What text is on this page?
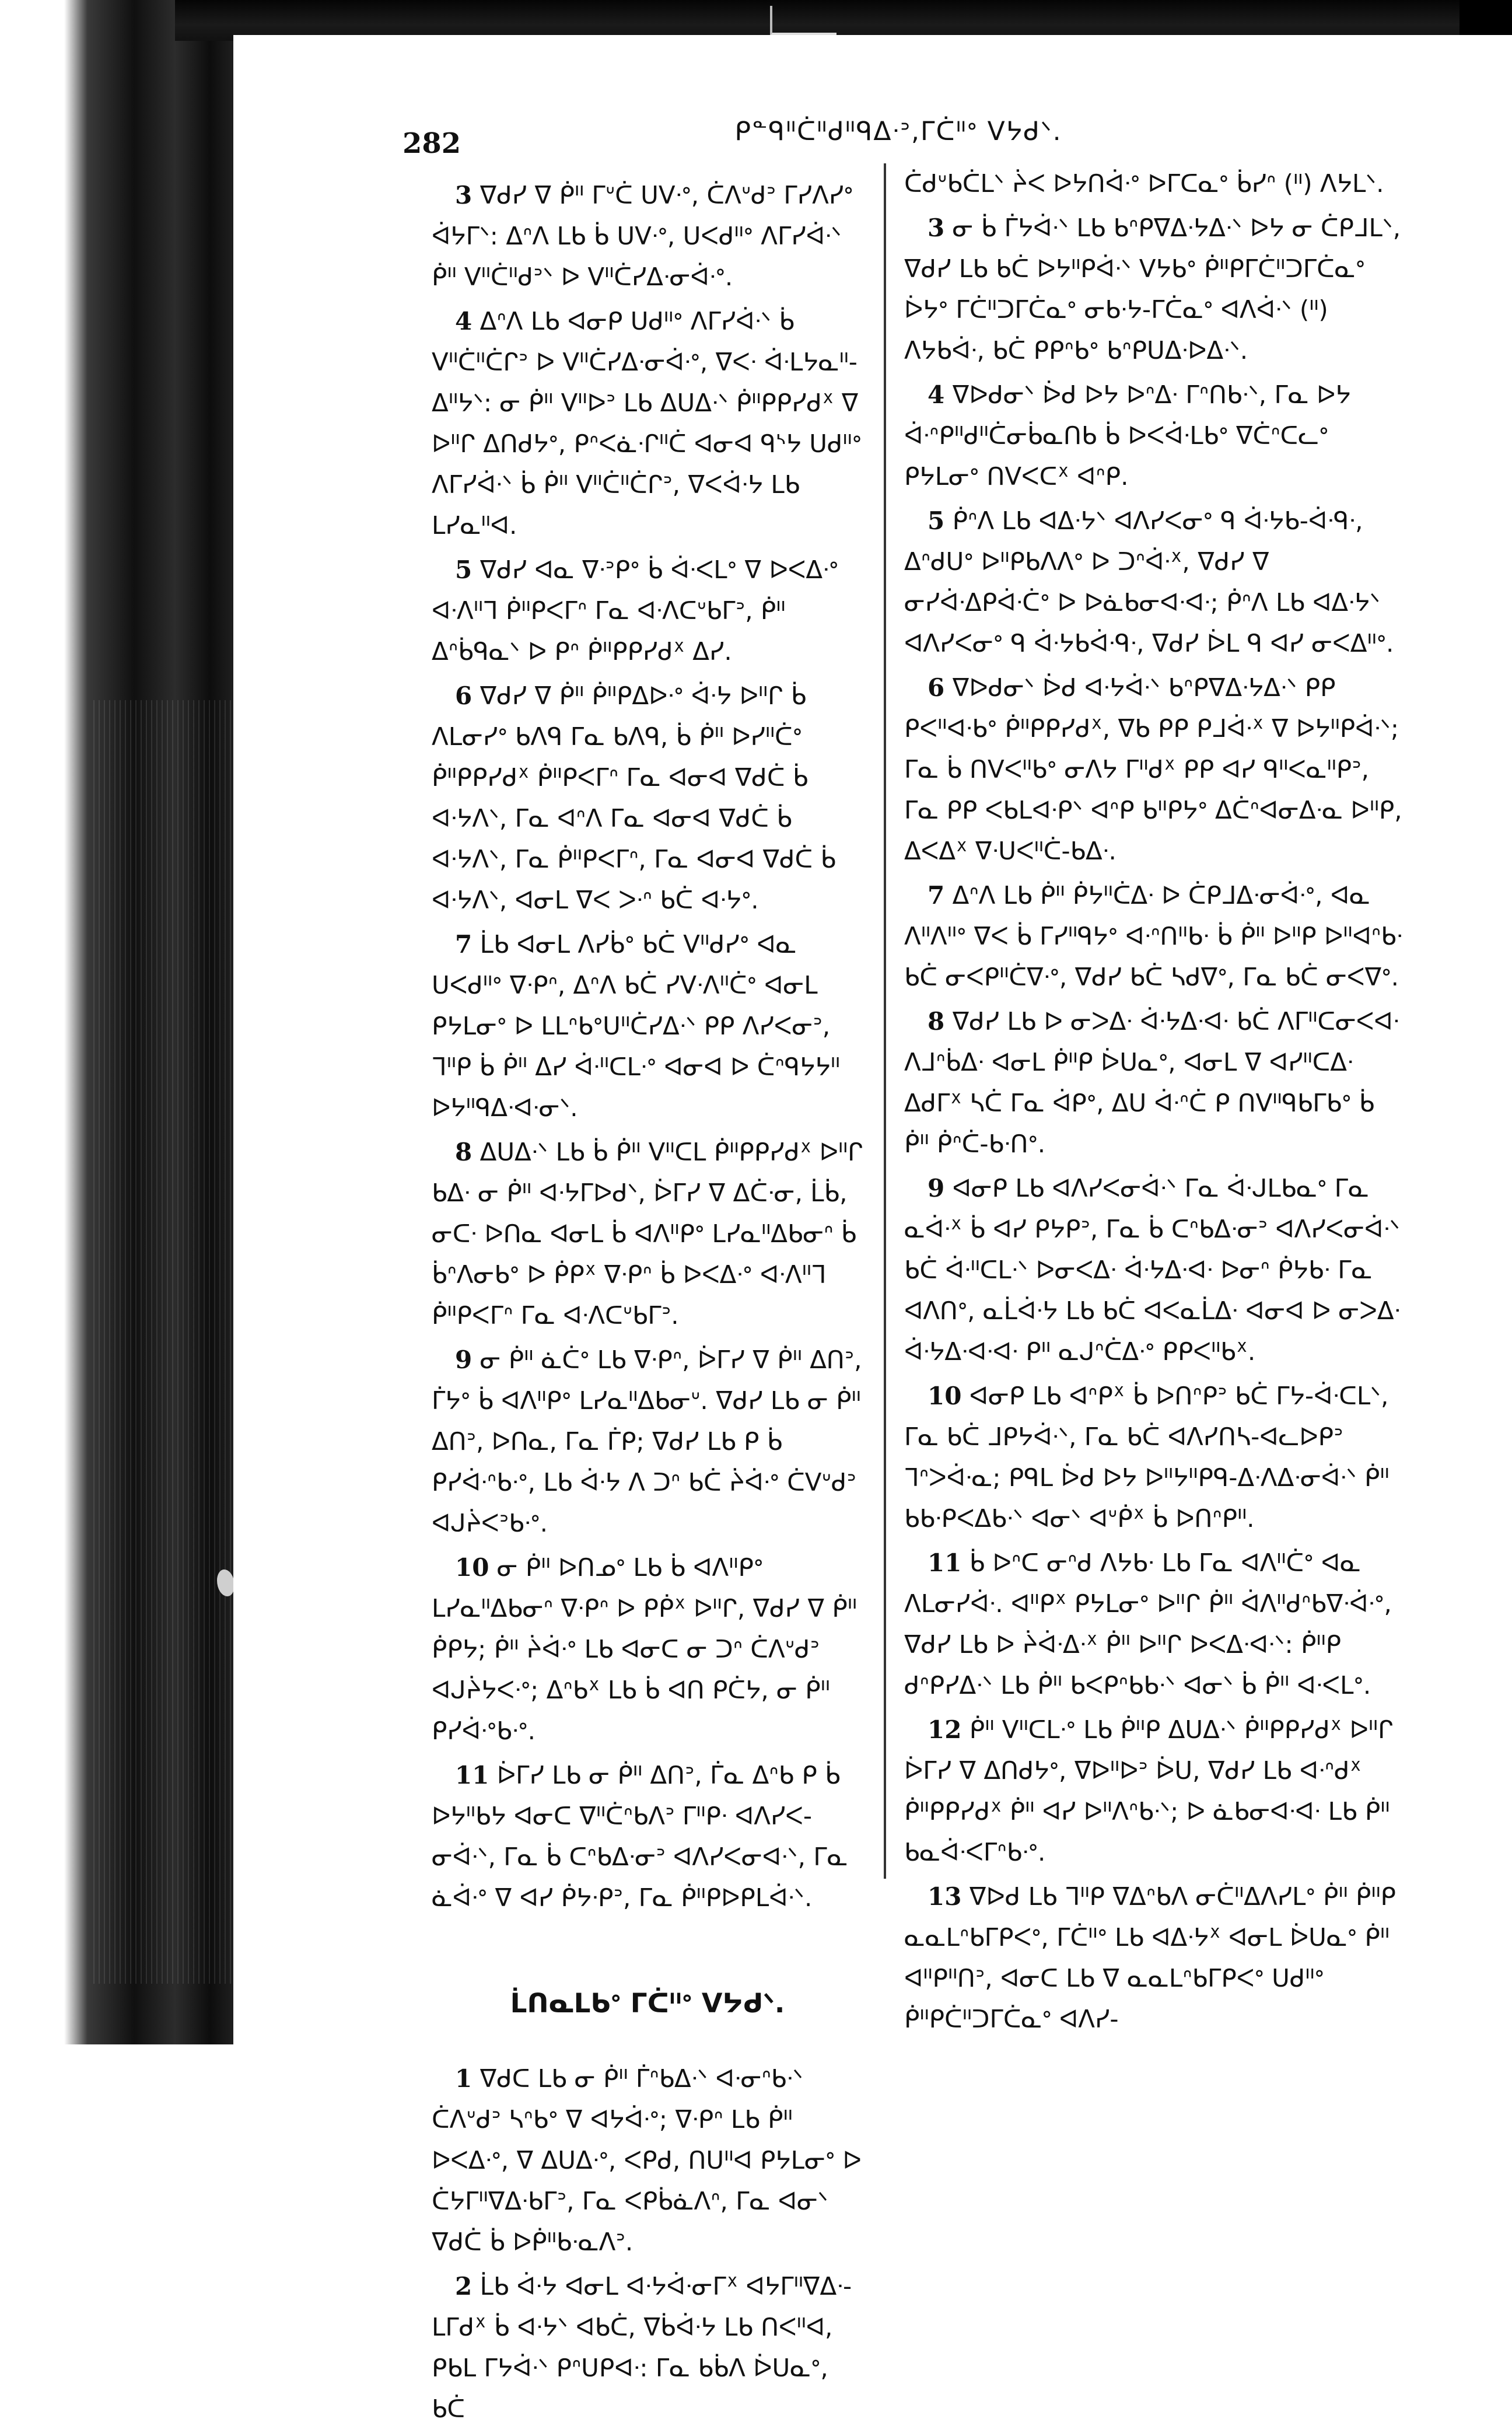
282	ᑭᓐᑫᐦᑖᐦᑯᐦᑫᐃᐧᐣ,ᒥᑖᐦᐤ ᐯᔭᑯᐠ.
3 ᐁᑯᓯ ᐁ ᑮᐦ ᒥᐡᑖ ᑌᐯᐧᐤ, ᑖᐱᐡᑯᐣ ᒥᓯᐱᓯᐤ ᐋᔭᒥᐠ: ᐃᐢᐱ ᒪᑲ ᑳ ᑌᐯᐧᐤ, ᑌᐸᑯᐦᐤ ᐱᒥᓯᐋᐧᐠ ᑮᐦ ᐯᐦᑖᐦᑯᐣᐠ ᐅ ᐯᐦᑖᓯᐃᐧᓂᐋᐧᐤ.
4 ᐃᐢᐱ ᒪᑲ ᐊᓂᑭ ᑌᑯᐦᐤ ᐱᒥᓯᐋᐧᐠ ᑳ ᐯᐦᑖᐦᑖᒋᐣ ᐅ ᐯᐦᑖᓯᐃᐧᓂᐋᐧᐤ, ᐁᐸᐧ ᐋᐧᒪᔭᓇᐦ-ᐃᐦᔭᐠ: ᓂ ᑮᐦ ᐯᐦᐅᐣ ᒪᑲ ᐃᑌᐃᐧᐠ ᑮᐦᑭᑭᓯᑯᕽ ᐁ ᐅᐦᒋ ᐃᑎᑯᔭᐤ, ᑭᐢᐸᓈᐧᒋᐦᑖ ᐊᓂᐊ ᑫᔅᔭ ᑌᑯᐦᐤ ᐱᒥᓯᐋᐧᐠ ᑳ ᑮᐦ ᐯᐦᑖᐦᑖᒋᐣ, ᐁᐸᐋᐧᔭ ᒪᑲ ᒪᓯᓇᐦᐊ.
5 ᐁᑯᓯ ᐊᓇ ᐁᐧᐣᑭᐤ ᑳ ᐋᐧᐸᒪᐤ ᐁ ᐅᐸᐃᐧᐤ ᐊᐧᐱᐦᒣ ᑮᐦᑭᐸᒥᐢ ᒥᓇ ᐊᐧᐱᑕᐡᑲᒥᐣ, ᑮᐦ ᐃᐢᑳᑫᓇᐠ ᐅ ᑭᐢ ᑮᐦᑭᑭᓯᑯᕽ ᐃᓯ.
6 ᐁᑯᓯ ᐁ ᑮᐦ ᑮᐦᑭᐃᐅᐧᐤ ᐋᐧᔭ ᐅᐦᒋ ᑳ ᐱᒪᓂᓯᐤ ᑲᐱᑫ ᒥᓇ ᑲᐱᑫ, ᑳ ᑮᐦ ᐅᓯᐦᑖᐤ ᑮᐦᑭᑭᓯᑯᕽ ᑮᐦᑭᐸᒥᐢ ᒥᓇ ᐊᓂᐊ ᐁᑯᑖ ᑳ ᐊᐧᔭᐱᐠ, ᒥᓇ ᐊᐢᐱ ᒥᓇ ᐊᓂᐊ ᐁᑯᑖ ᑳ ᐊᐧᔭᐱᐠ, ᒥᓇ ᑮᐦᑭᐸᒥᐢ, ᒥᓇ ᐊᓂᐊ ᐁᑯᑖ ᑳ ᐊᐧᔭᐱᐠ, ᐊᓂᒪ ᐁᐸ ᐳᐧᐢ ᑲᑖ ᐊᐧᔭᐤ.
7 ᒫᑲ ᐊᓂᒪ ᐱᓯᑳᐤ ᑲᑖ ᐯᐦᑯᓯᐤ ᐊᓇ ᑌᐸᑯᐦᐤ ᐁᐧᑭᐢ, ᐃᐢᐱ ᑲᑖ ᓯᐯᐧᐱᐦᑖᐤ ᐊᓂᒪ ᑭᔭᒪᓂᐤ ᐅ ᒪᒪᐢᑲᐤᑌᐦᑖᓯᐃᐧᐠ ᑭᑭ ᐱᓯᐸᓂᐣ, ᒣᐦᑭ ᑳ ᑮᐦ ᐃᓯ ᐋᐧᐦᑕᒪᐧᐤ ᐊᓂᐊ ᐅ ᑖᐢᑫᔭᔭᐦ ᐅᔭᐦᑫᐃᐧᐊᐧᓂᐠ.
8 ᐃᑌᐃᐧᐠ ᒪᑲ ᑳ ᑮᐦ ᐯᐦᑕᒪ ᑮᐦᑭᑭᓯᑯᕽ ᐅᐦᒋ ᑲᐃᐧ ᓂ ᑮᐦ ᐊᐧᔭᒥᐅᑯᐠ, ᐆᒥᓯ ᐁ ᐃᑖᐧᓂ, ᒫᑳ, ᓂᑕᐧ ᐅᑎᓇ ᐊᓂᒪ ᑳ ᐊᐱᐦᑭᐤ ᒪᓯᓇᐦᐃᑲᓂᐢ ᑳ ᑳᐢᐱᓂᑲᐤ ᐅ ᑮᑭᕽ ᐁᐧᑭᐢ ᑳ ᐅᐸᐃᐧᐤ ᐊᐧᐱᐦᒣ ᑮᐦᑭᐸᒥᐢ ᒥᓇ ᐊᐧᐱᑕᐡᑲᒥᐣ.
9 ᓂ ᑮᐦ ᓈᑖᐤ ᒪᑲ ᐁᐧᑭᐢ, ᐆᒥᓯ ᐁ ᑮᐦ ᐃᑎᐣ, ᒦᔭᐤ ᑳ ᐊᐱᐦᑭᐤ ᒪᓯᓇᐦᐃᑲᓂᐡ. ᐁᑯᓯ ᒪᑲ ᓂ ᑮᐦ ᐃᑎᐣ, ᐅᑎᓇ, ᒥᓇ ᒦᑭ; ᐁᑯᓯ ᒪᑲ ᑭ ᑳ ᑭᓯᐋᐧᐢᑲᐧᐤ, ᒪᑲ ᐋᐧᔭ ᐱ ᑐᐢ ᑲᑖ ᔩᐋᐧᐤ ᑖᐯᐡᑯᐣ ᐊᒍᔩᐸᐣᑲᐧᐤ.
10 ᓂ ᑮᐦ ᐅᑎᓄᐤ ᒪᑲ ᑳ ᐊᐱᐦᑭᐤ ᒪᓯᓇᐦᐃᑲᓂᐢ ᐁᐧᑭᐢ ᐅ ᑭᑮᕽ ᐅᐦᒋ, ᐁᑯᓯ ᐁ ᑮᐦ ᑮᑭᔭ; ᑮᐦ ᔩᐋᐧᐤ ᒪᑲ ᐊᓂᑕ ᓂ ᑐᐢ ᑖᐱᐡᑯᐣ ᐊᒍᔩᔭᐸᐧᐤ; ᐃᐢᑲᕽ ᒪᑲ ᑳ ᐊᑎ ᑭᑖᔭ, ᓂ ᑮᐦ ᑭᓯᐋᐧᐤᑲᐧᐤ.
11 ᐆᒥᓯ ᒪᑲ ᓂ ᑮᐦ ᐃᑎᐣ, ᒦᓇ ᐃᐢᑲ ᑭ ᑳ ᐅᔭᐦᑲᔭ ᐊᓂᑕ ᐁᐦᑖᐢᑲᐱᐣ ᒥᐦᑭᐧ ᐊᐱᓯᐸ-ᓂᐋᐧᐠ, ᒥᓇ ᑳ ᑕᐢᑲᐃᐧᓂᐣ ᐊᐱᓯᐸᓂᐊᐧᐠ, ᒥᓇ ᓈᐋᐧᐤ ᐁ ᐊᓯ ᑮᔭᐧᑭᐣ, ᒥᓇ ᑮᐦᑭᐅᑭᒪᐋᐧᐠ.
ᒫᑎᓇᒪᑲᐤ ᒥᑖᐦᐤ ᐯᔭᑯᐠ.
1 ᐁᑯᑕ ᒪᑲ ᓂ ᑮᐦ ᒦᐢᑲᐃᐧᐠ ᐊᐧᓂᐢᑲᐧᐠ ᑖᐱᐡᑯᐣ ᓴᐢᑲᐤ ᐁ ᐊᔭᐋᐧᐤ; ᐁᐧᑭᐢ ᒪᑲ ᑮᐦ ᐅᐸᐃᐧᐤ, ᐁ ᐃᑌᐃᐧᐤ, ᐸᑭᑯ, ᑎᑌᐦᐊ ᑭᔭᒪᓂᐤ ᐅ ᑖᔭᒥᐦᐁᐃᐧᑲᒥᐣ, ᒥᓇ ᐸᑭᑳᓈᐱᐢ, ᒥᓇ ᐊᓂᐠ ᐁᑯᑖ ᑳ ᐅᑮᐦᑲᐧᓇᐱᐣ.
2 ᒫᑲ ᐋᐧᔭ ᐊᓂᒪ ᐊᐧᔭᐋᐧᓂᒥᕽ ᐊᔭᒥᐦᐁᐃᐧ-ᒪᒥᑯᕽ ᑳ ᐊᐧᔭᐠ ᐊᑲᑖ, ᐁᑳᐋᐧᔭ ᒪᑲ ᑎᐸᐦᐊ, ᑭᑲᒪ ᒥᔭᐋᐧᐠ ᑭᐢᑌᑭᐊᐧ: ᒥᓇ ᑲᑳᐱ ᐆᑌᓇᐤ, ᑲᑖ
ᑖᑯᐡᑲᑖᒪᐠ ᔩᐸ ᐅᔭᑎᐋᐧᐤ ᐅᒥᑕᓇᐤ ᑳᓯᐢ (ᐦ) ᐱᔭᒪᐠ.
3 ᓂ ᑳ ᒦᔭᐋᐧᐠ ᒪᑲ ᑲᐢᑭᐁᐃᐧᔭᐃᐧᐠ ᐅᔭ ᓂ ᑖᑭᒧᒪᐠ, ᐁᑯᓯ ᒪᑲ ᑲᑖ ᐅᔭᐦᑭᐋᐧᐠ ᐯᔭᑲᐤ ᑮᐦᑭᒥᑖᐦᑐᒥᑖᓇᐤ ᐆᔭᐤ ᒥᑖᐦᑐᒥᑖᓇᐤ ᓂᑲᐧᔭ-ᒥᑖᓇᐤ ᐊᐱᐋᐧᐠ (ᐦ) ᐱᔭᑲᐋᐧ, ᑲᑖ ᑭᑭᐢᑲᐤ ᑲᐢᑭᑌᐃᐧᐅᐃᐧᐠ.
4 ᐁᐅᑯᓂᐠ ᐆᑯ ᐅᔭ ᐅᐢᐃᐧ ᒥᐢᑎᑲᐧᐠ, ᒥᓇ ᐅᔭ ᐋᐧᐢᑭᐦᑯᐦᑖᓂᑳᓇᑎᑲ ᑳ ᐅᐸᐋᐧᒪᑲᐤ ᐁᑖᐢᑕᓚᐤ ᑭᔭᒪᓂᐤ ᑎᐯᐸᑕᕽ ᐊᐢᑭ.
5 ᑮᐢᐱ ᒪᑲ ᐊᐃᐧᔭᐠ ᐊᐱᓯᐸᓂᐤ ᑫ ᐋᐧᔭᑲ-ᐋᐧᑫᐧ, ᐃᐢᑯᑌᐤ ᐅᐦᑭᑲᐱᐱᐤ ᐅ ᑐᐢᐋᐧᕽ, ᐁᑯᓯ ᐁ ᓂᓯᐋᐧᐃᑭᐋᐧᑖᐤ ᐅ ᐅᓈᑲᓂᐊᐧᐊᐧ; ᑮᐢᐱ ᒪᑲ ᐊᐃᐧᔭᐠ ᐊᐱᓯᐸᓂᐤ ᑫ ᐋᐧᔭᑲᐋᐧᑫᐧ, ᐁᑯᓯ ᐆᒪ ᑫ ᐊᓯ ᓂᐸᐃᐦᐤ.
6 ᐁᐅᑯᓂᐠ ᐆᑯ ᐊᐧᔭᐋᐧᐠ ᑲᐢᑭᐁᐃᐧᔭᐃᐧᐠ ᑭᑭ ᑭᐸᐦᐊᐧᑲᐤ ᑮᐦᑭᑭᓯᑯᕽ, ᐁᑲ ᑭᑭ ᑭᒧᐋᐧᕽ ᐁ ᐅᔭᐦᑭᐋᐧᐠ; ᒥᓇ ᑳ ᑎᐯᐸᐦᑲᐤ ᓂᐱᔭ ᒥᐦᑯᕽ ᑭᑭ ᐊᓯ ᑫᐦᐸᓇᐦᑭᐣ, ᒥᓇ ᑭᑭ ᐸᑲᒪᐊᐧᑭᐠ ᐊᐢᑭ ᑲᐦᑭᔭᐤ ᐃᑖᐢᐊᓂᐃᐧᓇ ᐅᐦᑭ, ᐃᐸᐃᕽ ᐁᐧᑌᐸᐦᑖ-ᑲᐃᐧ.
7 ᐃᐢᐱ ᒪᑲ ᑮᐦ ᑮᔭᐦᑖᐃᐧ ᐅ ᑖᑭᒧᐃᐧᓂᐋᐧᐤ, ᐊᓇ ᐱᐦᐱᐦᐤ ᐁᐸ ᑳ ᒥᓯᐦᑫᔭᐤ ᐊᐧᐢᑎᐦᑲᐧ ᑳ ᑮᐦ ᐅᐦᑭ ᐅᐦᐊᐢᑲᐧ ᑲᑖ ᓂᐸᑭᐦᑖᐁᐧᐤ, ᐁᑯᓯ ᑲᑖ ᓴᑯᐁᐤ, ᒥᓇ ᑲᑖ ᓂᐸᐁᐤ.
8 ᐁᑯᓯ ᒪᑲ ᐅ ᓂᐳᐃᐧ ᐋᐧᔭᐃᐧᐊᐧ ᑲᑖ ᐱᒥᐦᑕᓂᐸᐊᐧ ᐱᒧᐢᑳᐃᐧ ᐊᓂᒪ ᑮᐦᑭ ᐆᑌᓇᐤ, ᐊᓂᒪ ᐁ ᐊᓯᐦᑕᐃᐧ ᐃᑯᒥᕽ ᓴᑖ ᒥᓇ ᐋᑭᐤ, ᐃᑌ ᐋᐧᐢᑖ ᑭ ᑎᐯᐦᑫᑲᒥᑲᐤ ᑳ ᑮᐦ ᑮᐢᑖ-ᑲᐧᑎᐤ.
9 ᐊᓂᑭ ᒪᑲ ᐊᐱᓯᐸᓂᐋᐧᐠ ᒥᓇ ᐋᐧᒍᒪᑲᓇᐤ ᒥᓇ ᓇᐋᐧᕽ ᑳ ᐊᓯ ᑭᔭᑭᐣ, ᒥᓇ ᑳ ᑕᐢᑲᐃᐧᓂᐣ ᐊᐱᓯᐸᓂᐋᐧᐠ ᑲᑖ ᐋᐧᐦᑕᒪᐧᐠ ᐅᓂᐸᐃᐧ ᐋᐧᔭᐃᐧᐊᐧ ᐅᓂᐢ ᑮᔭᑲᐧ ᒥᓇ ᐊᐱᑎᐤ, ᓇᒫᐋᐧᔭ ᒪᑲ ᑲᑖ ᐊᐸᓇᒫᐃᐧ ᐊᓂᐊ ᐅ ᓂᐳᐃᐧ ᐋᐧᔭᐃᐧᐊᐧᐊᐧ ᑭᐦ ᓇᒍᐢᑖᐃᐧᐤ ᑭᑭᐸᐦᑲᕽ.
10 ᐊᓂᑭ ᒪᑲ ᐊᐢᑭᕽ ᑳ ᐅᑎᐢᑭᐣ ᑲᑖ ᒥᔭ-ᐋᐧᑕᒪᐠ, ᒥᓇ ᑲᑖ ᒧᑭᔭᐋᐧᐠ, ᒥᓇ ᑲᑖ ᐊᐱᓯᑎᓴ-ᐊᓚᐅᑭᐣ ᒣᐢᐳᐋᐧᓇ; ᑭᑫᒪ ᐆᑯ ᐅᔭ ᐅᐦᔭᐦᑭᑫ-ᐃᐧᐱᐃᐧᓂᐋᐧᐠ ᑮᐦ ᑲᑲᐧᑭᐸᐃᑲᐧᐠ ᐊᓂᐠ ᐊᐡᑮᕽ ᑳ ᐅᑎᐢᑭᐦ.
11 ᑳ ᐅᐢᑕ ᓂᐢᑯ ᐱᔭᑲᐧ ᒪᑲ ᒥᓇ ᐊᐱᐦᑖᐤ ᐊᓇ ᐱᒪᓂᓯᐋᐧ. ᐊᐦᑭᕽ ᑭᔭᒪᓂᐤ ᐅᐦᒋ ᑮᐦ ᐋᐱᐦᑯᐢᑲᐁᐧᐋᐧᐤ, ᐁᑯᓯ ᒪᑲ ᐅ ᔩᐋᐧᐃᐧᕽ ᑮᐦ ᐅᐦᒋ ᐅᐸᐃᐧᐊᐧᐠ: ᑮᐦᑭ ᑯᐢᑭᓯᐃᐧᐠ ᒪᑲ ᑮᐦ ᑲᐸᑭᐢᑲᑲᐧᐠ ᐊᓂᐠ ᑳ ᑮᐦ ᐊᐧᐸᒪᐤ.
12 ᑮᐦ ᐯᐦᑕᒪᐧᐤ ᒪᑲ ᑮᐦᑭ ᐃᑌᐃᐧᐠ ᑮᐦᑭᑭᓯᑯᕽ ᐅᐦᒋ ᐆᒥᓯ ᐁ ᐃᑎᑯᔭᐤ, ᐁᐅᐦᐅᐣ ᐆᑌ, ᐁᑯᓯ ᒪᑲ ᐊᐧᐢᑯᕽ ᑮᐦᑭᑭᓯᑯᕽ ᑮᐦ ᐊᓯ ᐅᐦᐱᐢᑲᐧᐠ; ᐅ ᓈᑲᓂᐊᐧᐊᐧ ᒪᑲ ᑮᐦ ᑲᓇᐋᐧᐸᒥᐢᑲᐧᐤ.
13 ᐁᐅᑯ ᒪᑲ ᒣᐦᑭ ᐁᐃᐢᑲᐱ ᓂᑖᐦᐃᐱᓯᒪᐤ ᑮᐦ ᑮᐦᑭ ᓇᓇᒪᐢᑲᒥᑭᐸᐤ, ᒥᑖᐦᐤ ᒪᑲ ᐊᐃᐧᔭᕽ ᐊᓂᒪ ᐆᑌᓇᐤ ᑮᐦ ᐊᐦᑭᐦᑎᐣ, ᐊᓂᑕ ᒪᑲ ᐁ ᓇᓇᒪᐢᑲᒥᑭᐸᐤ ᑌᑯᐦᐤ ᑮᐦᑭᑖᐦᑐᒥᑖᓇᐤ ᐊᐱᓯ-
